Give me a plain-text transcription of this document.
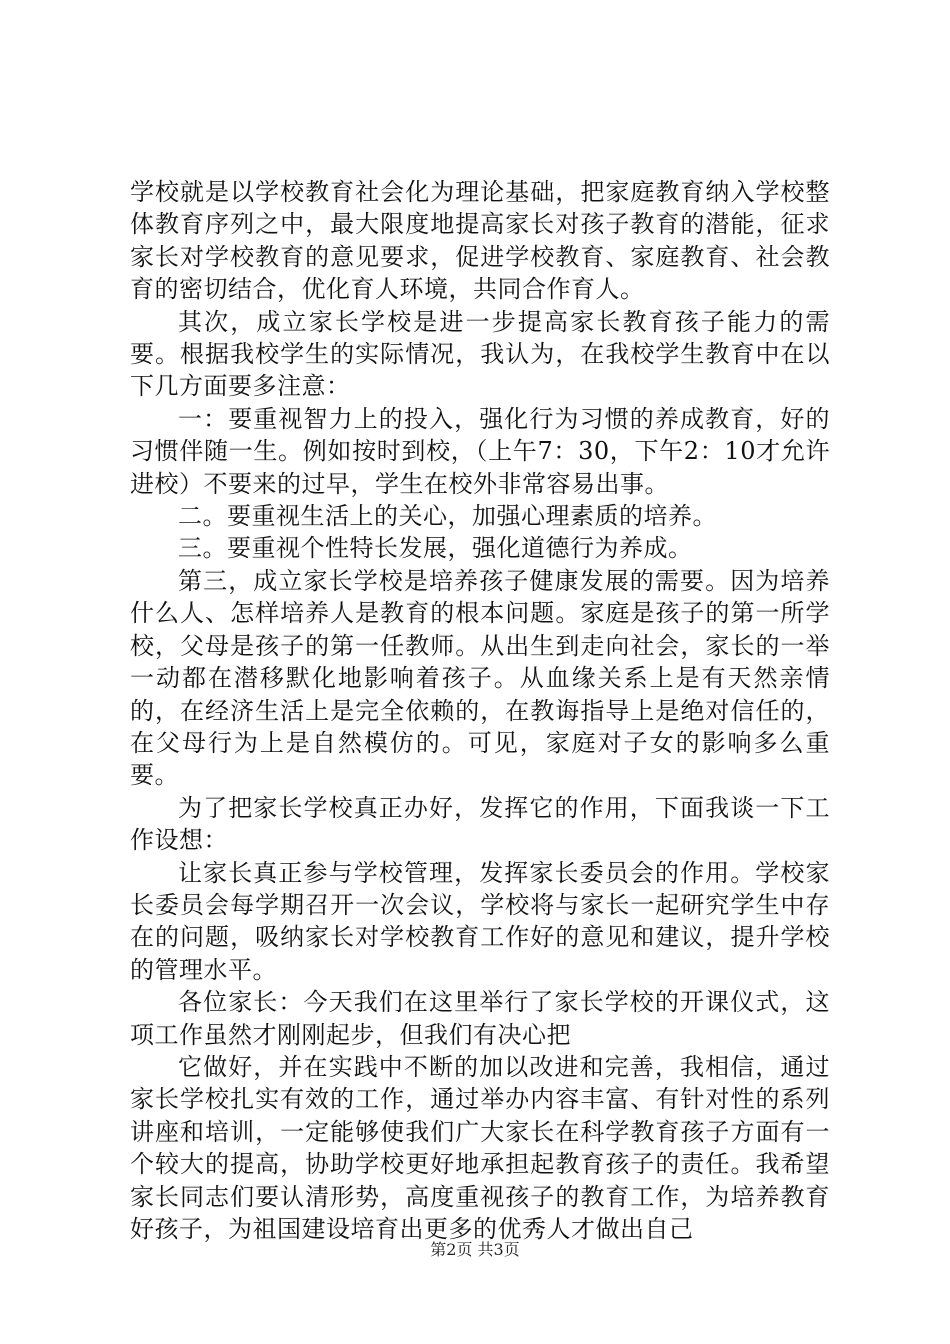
学校就是以学校教育社会化为理论基础，把家庭教育纳入学校整体教育序列之中，最大限度地提高家长对孩子教育的潜能，征求家长对学校教育的意见要求，促进学校教育、家庭教育、社会教育的密切结合，优化育人环境，共同合作育人。

其次，成立家长学校是进一步提高家长教育孩子能力的需要。根据我校学生的实际情况，我认为，在我校学生教育中在以下几方面要多注意：

一：要重视智力上的投入，强化行为习惯的养成教育，好的习惯伴随一生。例如按时到校，（上午7：30，下午2：10才允许进校）不要来的过早，学生在校外非常容易出事。

二。要重视生活上的关心，加强心理素质的培养。

三。要重视个性特长发展，强化道德行为养成。

第三，成立家长学校是培养孩子健康发展的需要。因为培养什么人、怎样培养人是教育的根本问题。家庭是孩子的第一所学校，父母是孩子的第一任教师。从出生到走向社会，家长的一举一动都在潜移默化地影响着孩子。从血缘关系上是有天然亲情的，在经济生活上是完全依赖的，在教诲指导上是绝对信任的，在父母行为上是自然模仿的。可见，家庭对子女的影响多么重要。

为了把家长学校真正办好，发挥它的作用，下面我谈一下工作设想：

让家长真正参与学校管理，发挥家长委员会的作用。学校家长委员会每学期召开一次会议，学校将与家长一起研究学生中存在的问题，吸纳家长对学校教育工作好的意见和建议，提升学校的管理水平。

各位家长：今天我们在这里举行了家长学校的开课仪式，这项工作虽然才刚刚起步，但我们有决心把

它做好，并在实践中不断的加以改进和完善，我相信，通过家长学校扎实有效的工作，通过举办内容丰富、有针对性的系列讲座和培训，一定能够使我们广大家长在科学教育孩子方面有一个较大的提高，协助学校更好地承担起教育孩子的责任。我希望家长同志们要认清形势，高度重视孩子的教育工作，为培养教育好孩子，为祖国建设培育出更多的优秀人才做出自己

第2页 共3页
